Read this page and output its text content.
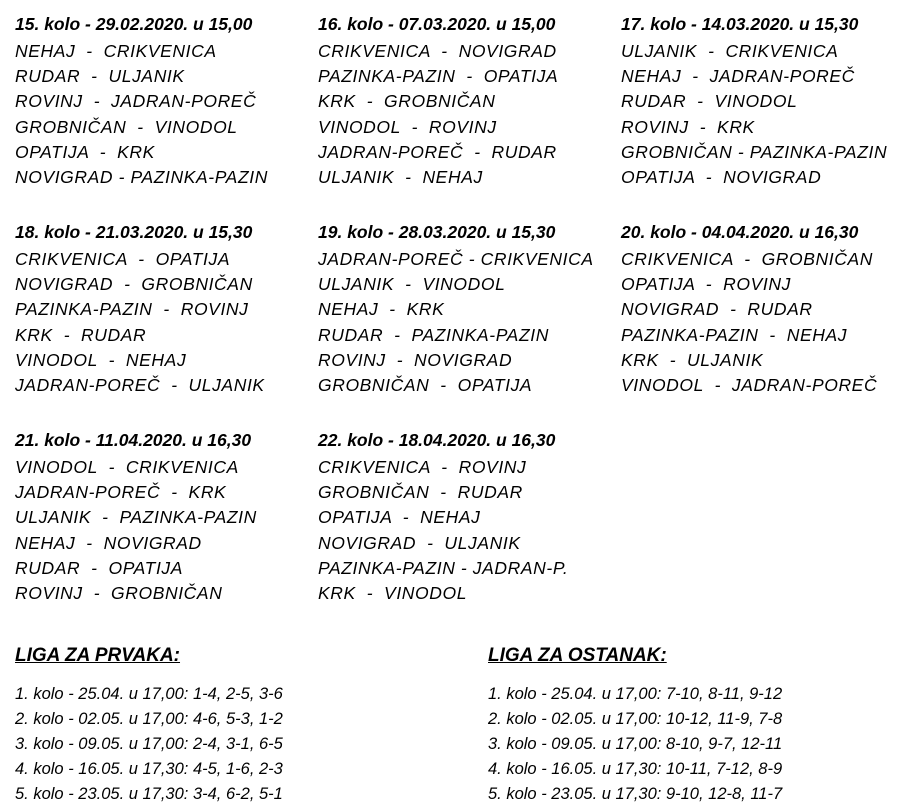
15. kolo - 29.02.2020. u 15,00
NEHAJ  -  CRIKVENICA
RUDAR  -  ULJANIK
ROVINJ  -  JADRAN-POREČ
GROBNIČAN  -  VINODOL
OPATIJA  -  KRK
NOVIGRAD - PAZINKA-PAZIN
16. kolo - 07.03.2020. u 15,00
CRIKVENICA  -  NOVIGRAD
PAZINKA-PAZIN  -  OPATIJA
KRK  -  GROBNIČAN
VINODOL  -  ROVINJ
JADRAN-POREČ  -  RUDAR
ULJANIK  -  NEHAJ
17. kolo - 14.03.2020. u 15,30
ULJANIK  -  CRIKVENICA
NEHAJ  -  JADRAN-POREČ
RUDAR  -  VINODOL
ROVINJ  -  KRK
GROBNIČAN - PAZINKA-PAZIN
OPATIJA  -  NOVIGRAD
18. kolo - 21.03.2020. u 15,30
CRIKVENICA  -  OPATIJA
NOVIGRAD  -  GROBNIČAN
PAZINKA-PAZIN  -  ROVINJ
KRK  -  RUDAR
VINODOL  -  NEHAJ
JADRAN-POREČ  -  ULJANIK
19. kolo - 28.03.2020. u 15,30
JADRAN-POREČ - CRIKVENICA
ULJANIK  -  VINODOL
NEHAJ  -  KRK
RUDAR  -  PAZINKA-PAZIN
ROVINJ  -  NOVIGRAD
GROBNIČAN  -  OPATIJA
20. kolo - 04.04.2020. u 16,30
CRIKVENICA  -  GROBNIČAN
OPATIJA  -  ROVINJ
NOVIGRAD  -  RUDAR
PAZINKA-PAZIN  -  NEHAJ
KRK  -  ULJANIK
VINODOL  -  JADRAN-POREČ
21. kolo - 11.04.2020. u 16,30
VINODOL  -  CRIKVENICA
JADRAN-POREČ  -  KRK
ULJANIK  -  PAZINKA-PAZIN
NEHAJ  -  NOVIGRAD
RUDAR  -  OPATIJA
ROVINJ  -  GROBNIČAN
22. kolo - 18.04.2020. u 16,30
CRIKVENICA  -  ROVINJ
GROBNIČAN  -  RUDAR
OPATIJA  -  NEHAJ
NOVIGRAD  -  ULJANIK
PAZINKA-PAZIN - JADRAN-P.
KRK  -  VINODOL
LIGA ZA PRVAKA:
1. kolo - 25.04. u 17,00: 1-4, 2-5, 3-6
2. kolo - 02.05. u 17,00: 4-6, 5-3, 1-2
3. kolo - 09.05. u 17,00: 2-4, 3-1, 6-5
4. kolo - 16.05. u 17,30: 4-5, 1-6, 2-3
5. kolo - 23.05. u 17,30: 3-4, 6-2, 5-1
LIGA ZA OSTANAK:
1. kolo - 25.04. u 17,00: 7-10, 8-11, 9-12
2. kolo - 02.05. u 17,00: 10-12, 11-9, 7-8
3. kolo - 09.05. u 17,00: 8-10, 9-7, 12-11
4. kolo - 16.05. u 17,30: 10-11, 7-12, 8-9
5. kolo - 23.05. u 17,30: 9-10, 12-8, 11-7
